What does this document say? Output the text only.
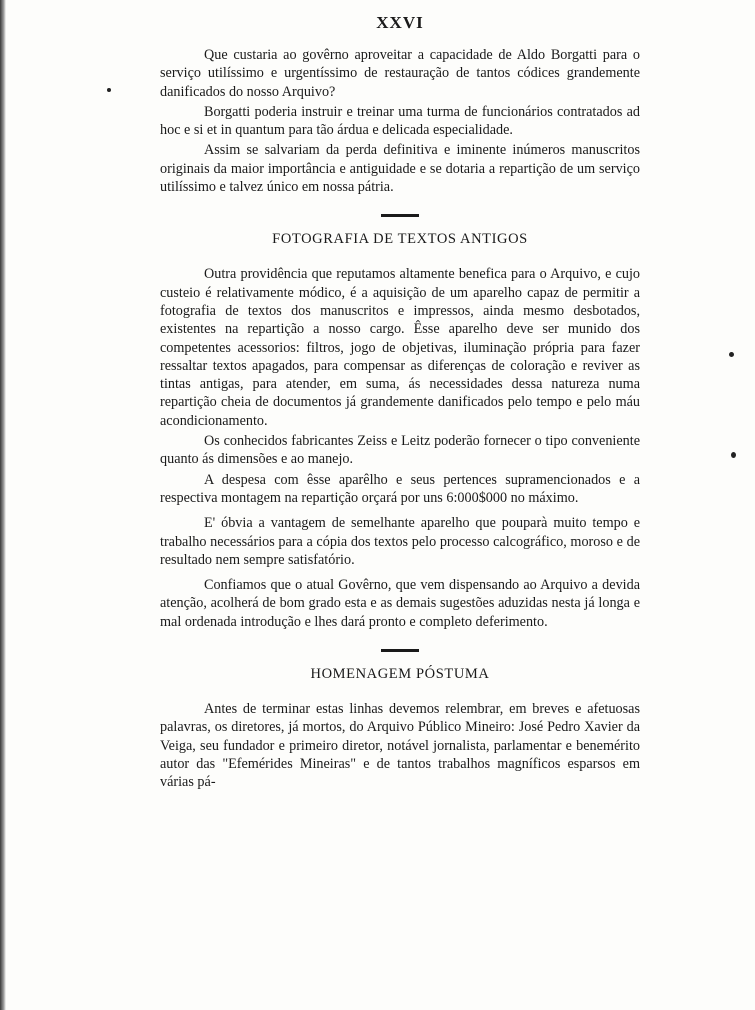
XXVI

Que custaria ao govêrno aproveitar a capacidade de Aldo Borgatti para o serviço utilíssimo e urgentíssimo de restauração de tantos códices grandemente danificados do nosso Arquivo?

Borgatti poderia instruir e treinar uma turma de funcionários contratados ad hoc e si et in quantum para tão árdua e delicada especialidade.

Assim se salvariam da perda definitiva e iminente inúmeros manuscritos originais da maior importância e antiguidade e se dotaria a repartição de um serviço utilíssimo e talvez único em nossa pátria.

FOTOGRAFIA DE TEXTOS ANTIGOS

Outra providência que reputamos altamente benefica para o Arquivo, e cujo custeio é relativamente módico, é a aquisição de um aparelho capaz de permitir a fotografia de textos dos manuscritos e impressos, ainda mesmo desbotados, existentes na repartição a nosso cargo. Êsse aparelho deve ser munido dos competentes acessorios: filtros, jogo de objetivas, iluminação própria para fazer ressaltar textos apagados, para compensar as diferenças de coloração e reviver as tintas antigas, para atender, em suma, ás necessidades dessa natureza numa repartição cheia de documentos já grandemente danificados pelo tempo e pelo máu acondicionamento.

Os conhecidos fabricantes Zeiss e Leitz poderão fornecer o tipo conveniente quanto ás dimensões e ao manejo.

A despesa com êsse aparêlho e seus pertences supramencionados e a respectiva montagem na repartição orçará por uns 6:000$000 no máximo.

E' óbvia a vantagem de semelhante aparelho que pouparà muito tempo e trabalho necessários para a cópia dos textos pelo processo calcográfico, moroso e de resultado nem sempre satisfatório.

Confiamos que o atual Govêrno, que vem dispensando ao Arquivo a devida atenção, acolherá de bom grado esta e as demais sugestões aduzidas nesta já longa e mal ordenada introdução e lhes dará pronto e completo deferimento.

HOMENAGEM PÓSTUMA

Antes de terminar estas linhas devemos relembrar, em breves e afetuosas palavras, os diretores, já mortos, do Arquivo Público Mineiro: José Pedro Xavier da Veiga, seu fundador e primeiro diretor, notável jornalista, parlamentar e benemérito autor das "Efemérides Mineiras" e de tantos trabalhos magníficos esparsos em várias pá-
